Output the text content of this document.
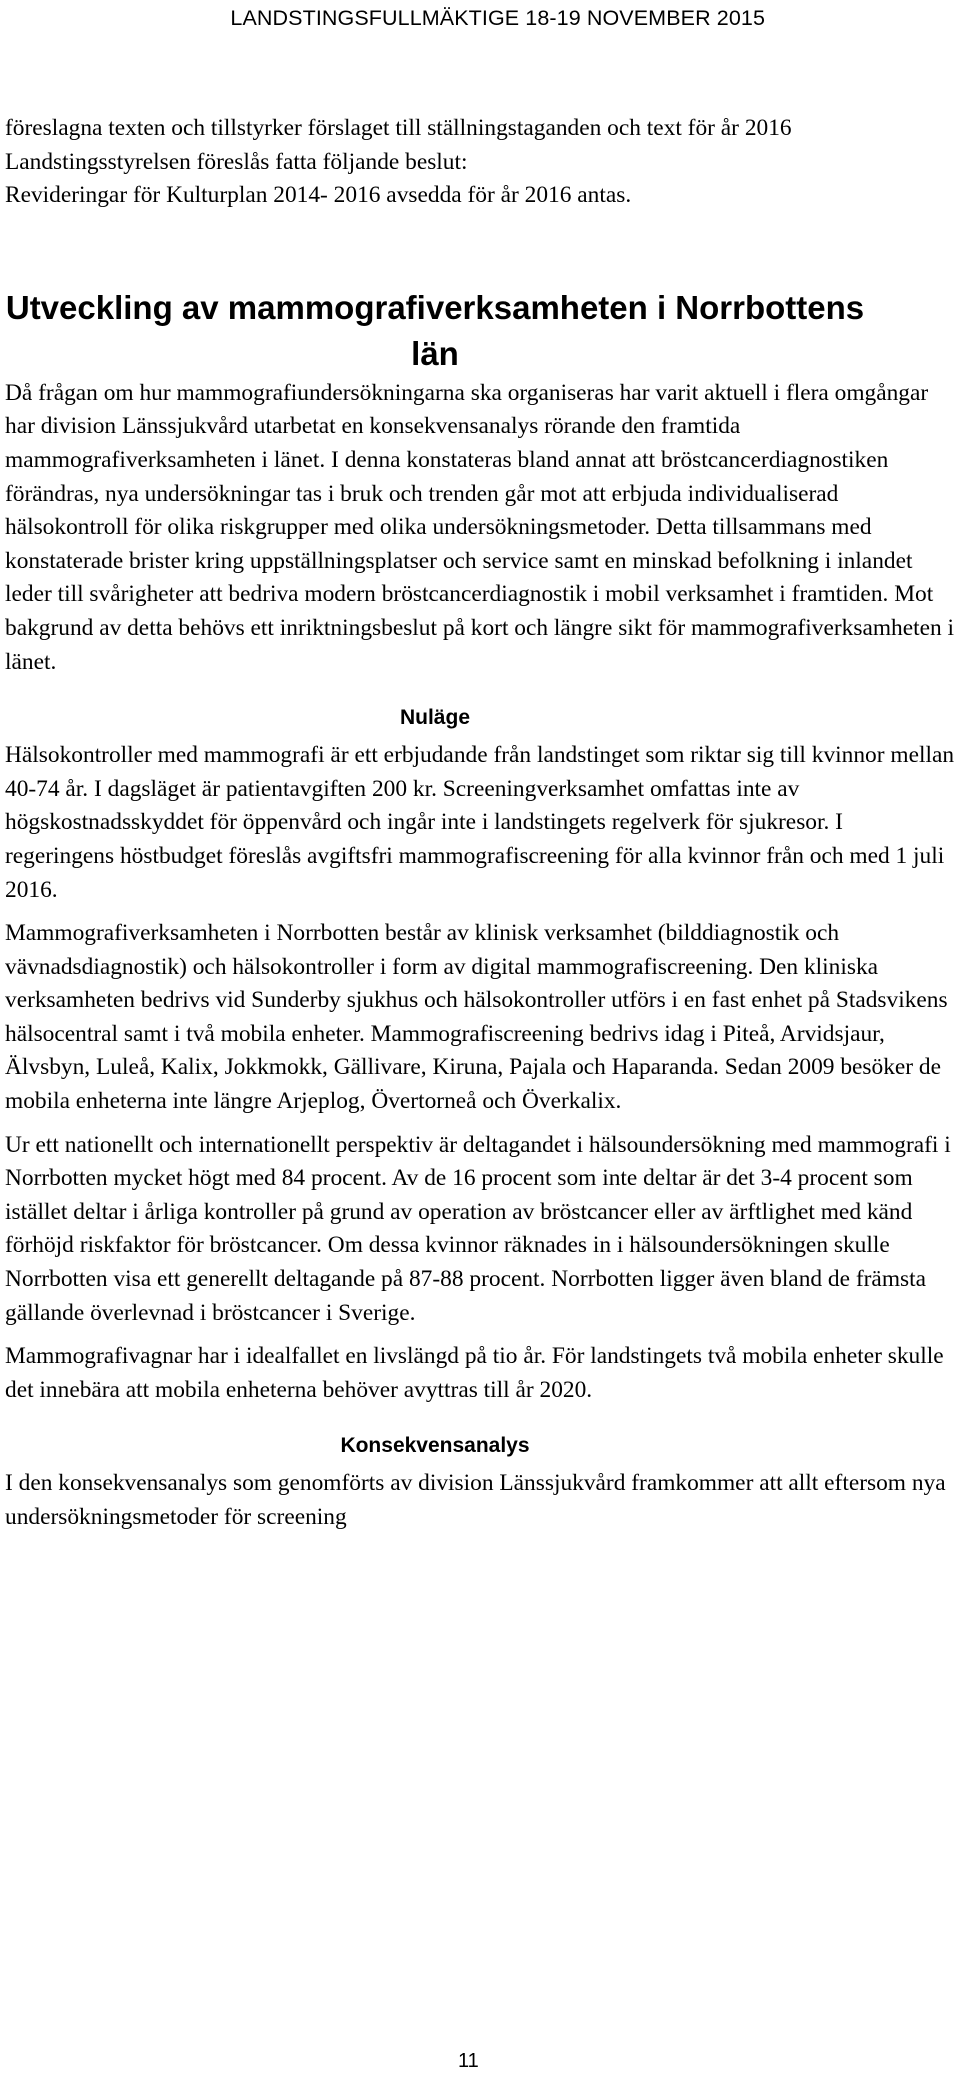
LANDSTINGSFULLMÄKTIGE 18-19 NOVEMBER 2015

föreslagna texten och tillstyrker förslaget till ställningstaganden och text för år 2016

Landstingsstyrelsen föreslås fatta följande beslut:

Revideringar för Kulturplan 2014- 2016 avsedda för år 2016 antas.

Utveckling av mammografiverksamheten i Norrbottens län

Då frågan om hur mammografiundersökningarna ska organiseras har varit aktuell i flera omgångar har division Länssjukvård utarbetat en konsekvensanalys rörande den framtida mammografiverksamheten i länet. I denna konstateras bland annat att bröstcancerdiagnostiken förändras, nya undersökningar tas i bruk och trenden går mot att erbjuda individualiserad hälsokontroll för olika riskgrupper med olika undersökningsmetoder. Detta tillsammans med konstaterade brister kring uppställningsplatser och service samt en minskad befolkning i inlandet leder till svårigheter att bedriva modern bröstcancerdiagnostik i mobil verksamhet i framtiden. Mot bakgrund av detta behövs ett inriktningsbeslut på kort och längre sikt för mammografiverksamheten i länet.

Nuläge

Hälsokontroller med mammografi är ett erbjudande från landstinget som riktar sig till kvinnor mellan 40-74 år. I dagsläget är patientavgiften 200 kr. Screeningverksamhet omfattas inte av högskostnadsskyddet för öppenvård och ingår inte i landstingets regelverk för sjukresor. I regeringens höstbudget föreslås avgiftsfri mammografiscreening för alla kvinnor från och med 1 juli 2016.

Mammografiverksamheten i Norrbotten består av klinisk verksamhet (bilddiagnostik och vävnadsdiagnostik) och hälsokontroller i form av digital mammografiscreening. Den kliniska verksamheten bedrivs vid Sunderby sjukhus och hälsokontroller utförs i en fast enhet på Stadsvikens hälsocentral samt i två mobila enheter. Mammografiscreening bedrivs idag i Piteå, Arvidsjaur, Älvsbyn, Luleå, Kalix, Jokkmokk, Gällivare, Kiruna, Pajala och Haparanda. Sedan 2009 besöker de mobila enheterna inte längre Arjeplog, Övertorneå och Överkalix.

Ur ett nationellt och internationellt perspektiv är deltagandet i hälsoundersökning med mammografi i Norrbotten mycket högt med 84 procent. Av de 16 procent som inte deltar är det 3-4 procent som istället deltar i årliga kontroller på grund av operation av bröstcancer eller av ärftlighet med känd förhöjd riskfaktor för bröstcancer. Om dessa kvinnor räknades in i hälsoundersökningen skulle Norrbotten visa ett generellt deltagande på 87-88 procent. Norrbotten ligger även bland de främsta gällande överlevnad i bröstcancer i Sverige.

Mammografivagnar har i idealfallet en livslängd på tio år. För landstingets två mobila enheter skulle det innebära att mobila enheterna behöver avyttras till år 2020.

Konsekvensanalys

I den konsekvensanalys som genomförts av division Länssjukvård framkommer att allt eftersom nya undersökningsmetoder för screening

11
